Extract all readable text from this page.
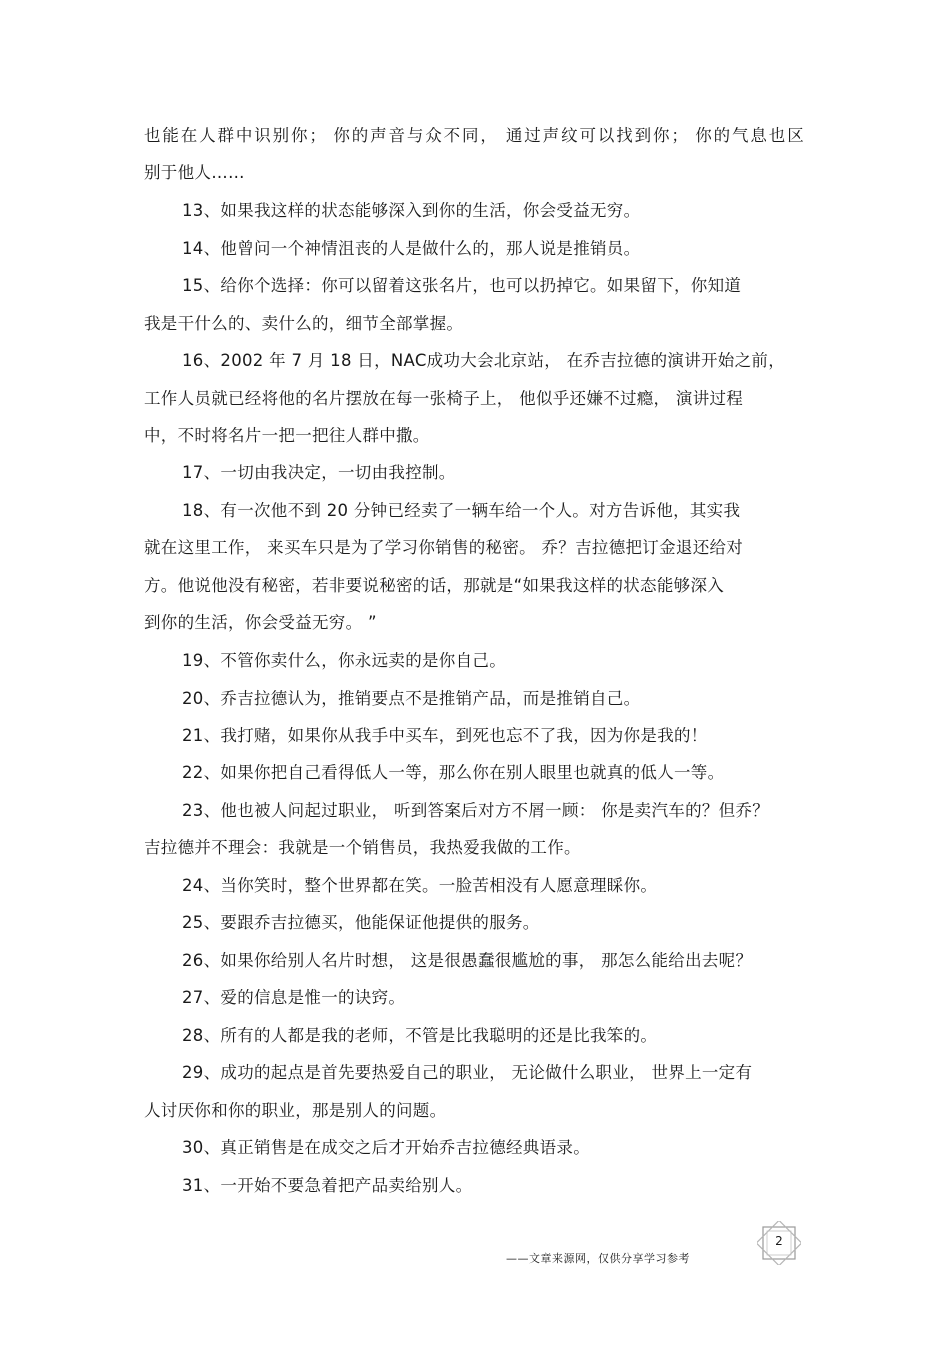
也能在人群中识别你； 你的声音与众不同， 通过声纹可以找到你； 你的气息也区
别于他人……
13、如果我这样的状态能够深入到你的生活，你会受益无穷。
14、他曾问一个神情沮丧的人是做什么的，那人说是推销员。
15、给你个选择：你可以留着这张名片，也可以扔掉它。如果留下，你知道
我是干什么的、卖什么的，细节全部掌握。
16、2002 年 7 月 18 日，NAC成功大会北京站， 在乔吉拉德的演讲开始之前，
工作人员就已经将他的名片摆放在每一张椅子上， 他似乎还嫌不过瘾， 演讲过程
中，不时将名片一把一把往人群中撒。
17、一切由我决定，一切由我控制。
18、有一次他不到 20 分钟已经卖了一辆车给一个人。对方告诉他，其实我
就在这里工作， 来买车只是为了学习你销售的秘密。 乔？吉拉德把订金退还给对
方。他说他没有秘密，若非要说秘密的话，那就是“如果我这样的状态能够深入
到你的生活，你会受益无穷。 ”
19、不管你卖什么，你永远卖的是你自己。
20、乔吉拉德认为，推销要点不是推销产品，而是推销自己。
21、我打赌，如果你从我手中买车，到死也忘不了我，因为你是我的！
22、如果你把自己看得低人一等，那么你在别人眼里也就真的低人一等。
23、他也被人问起过职业， 听到答案后对方不屑一顾： 你是卖汽车的？但乔？
吉拉德并不理会：我就是一个销售员，我热爱我做的工作。
24、当你笑时，整个世界都在笑。一脸苦相没有人愿意理睬你。
25、要跟乔吉拉德买，他能保证他提供的服务。
26、如果你给别人名片时想， 这是很愚蠢很尴尬的事， 那怎么能给出去呢？
27、爱的信息是惟一的诀窍。
28、所有的人都是我的老师，不管是比我聪明的还是比我笨的。
29、成功的起点是首先要热爱自己的职业， 无论做什么职业， 世界上一定有
人讨厌你和你的职业，那是别人的问题。
30、真正销售是在成交之后才开始乔吉拉德经典语录。
31、一开始不要急着把产品卖给别人。
——文章来源网，仅供分享学习参考
2
